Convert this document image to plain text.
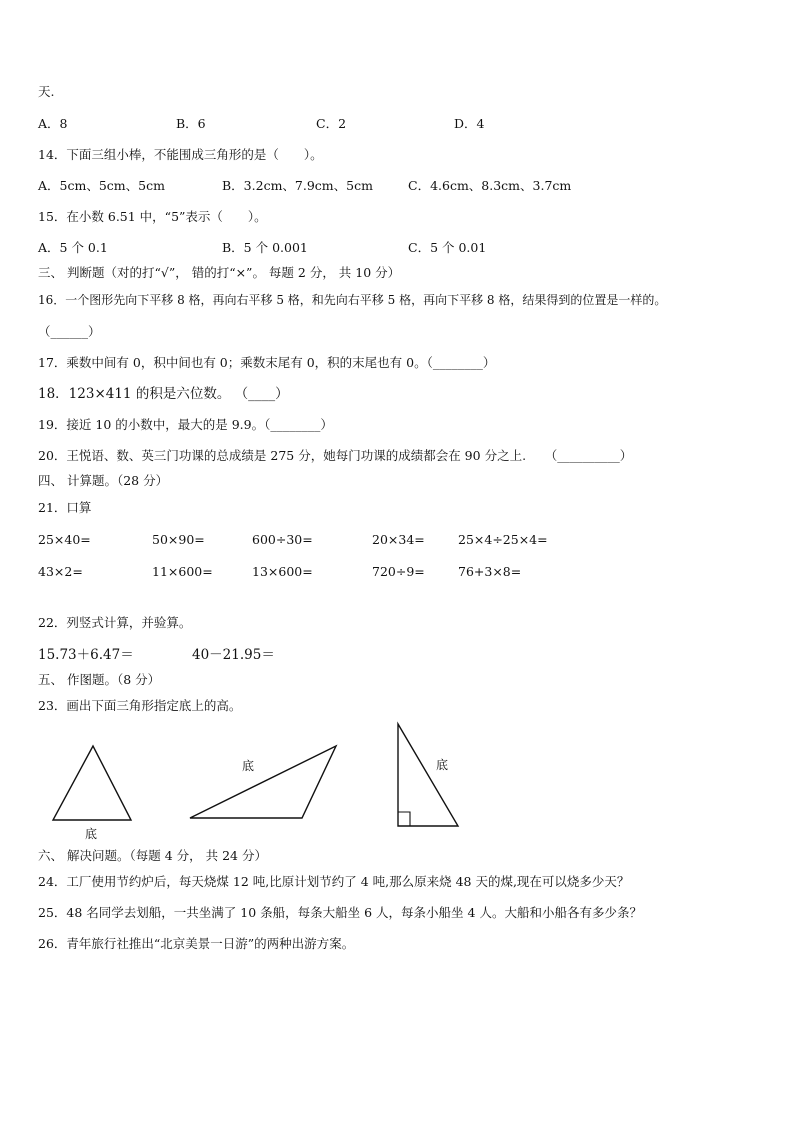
天.
A．8	B．6	C．2	D．4
14．下面三组小棒，不能围成三角形的是（　　）。
A．5cm、5cm、5cm	B．3.2cm、7.9cm、5cm	C．4.6cm、8.3cm、3.7cm
15．在小数 6.51 中，“5”表示（　　）。
A．5 个 0.1	B．5 个 0.001	C．5 个 0.01
三、 判断题（对的打“√”， 错的打“×”。 每题 2 分， 共 10 分）
16．一个图形先向下平移 8 格，再向右平移 5 格，和先向右平移 5 格，再向下平移 8 格，结果得到的位置是一样的。
（______）
17．乘数中间有 0，积中间也有 0；乘数末尾有 0，积的末尾也有 0。（________）
18．123×411 的积是六位数。 （____）
19．接近 10 的小数中，最大的是 9.9。（________）
20．王悦语、数、英三门功课的总成绩是 275 分，她每门功课的成绩都会在 90 分之上.　　（__________）
四、 计算题。（28 分）
21．口算
25×40=	50×90=	600÷30=	20×34=	25×4÷25×4=
43×2=	11×600=	13×600=	720÷9=	76+3×8=
22．列竖式计算，并验算。
15.73＋6.47＝	40－21.95＝
五、 作图题。（8 分）
23．画出下面三角形指定底上的高。
底
底	底
六、 解决问题。（每题 4 分， 共 24 分）
24．工厂使用节约炉后，每天烧煤 12 吨,比原计划节约了 4 吨,那么原来烧 48 天的煤,现在可以烧多少天？
25．48 名同学去划船，一共坐满了 10 条船，每条大船坐 6 人，每条小船坐 4 人。大船和小船各有多少条？
26．青年旅行社推出“北京美景一日游”的两种出游方案。
